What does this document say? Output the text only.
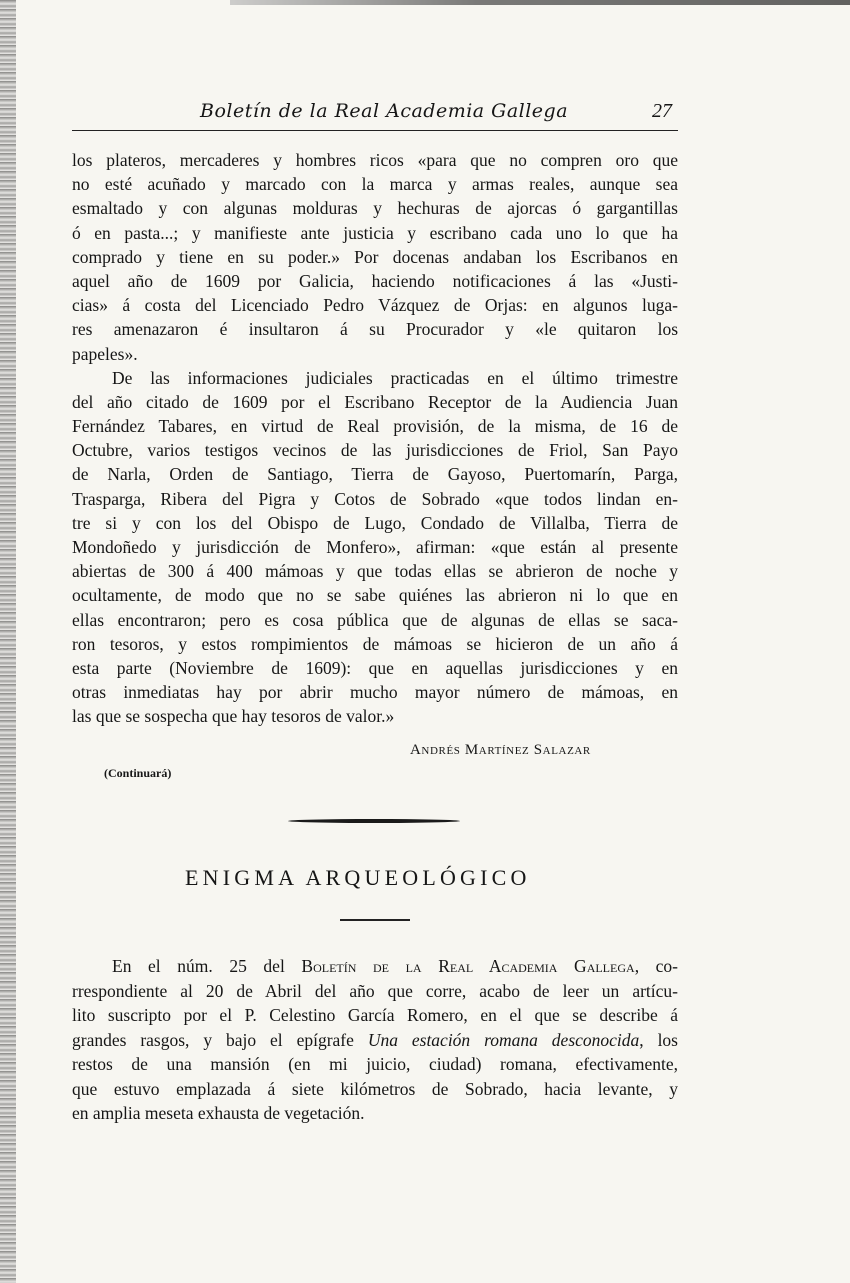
Boletín de la Real Academia Gallega	27
los plateros, mercaderes y hombres ricos «para que no compren oro que
no esté acuñado y marcado con la marca y armas reales, aunque sea
esmaltado y con algunas molduras y hechuras de ajorcas ó gargantillas
ó en pasta...; y manifieste ante justicia y escribano cada uno lo que ha
comprado y tiene en su poder.» Por docenas andaban los Escribanos en
aquel año de 1609 por Galicia, haciendo notificaciones á las «Justi-
cias» á costa del Licenciado Pedro Vázquez de Orjas: en algunos luga-
res amenazaron é insultaron á su Procurador y «le quitaron los
papeles».
De las informaciones judiciales practicadas en el último trimestre
del año citado de 1609 por el Escribano Receptor de la Audiencia Juan
Fernández Tabares, en virtud de Real provisión, de la misma, de 16 de
Octubre, varios testigos vecinos de las jurisdicciones de Friol, San Payo
de Narla, Orden de Santiago, Tierra de Gayoso, Puertomarín, Parga,
Trasparga, Ribera del Pigra y Cotos de Sobrado «que todos lindan en-
tre si y con los del Obispo de Lugo, Condado de Villalba, Tierra de
Mondoñedo y jurisdicción de Monfero», afirman: «que están al presente
abiertas de 300 á 400 mámoas y que todas ellas se abrieron de noche y
ocultamente, de modo que no se sabe quiénes las abrieron ni lo que en
ellas encontraron; pero es cosa pública que de algunas de ellas se saca-
ron tesoros, y estos rompimientos de mámoas se hicieron de un año á
esta parte (Noviembre de 1609): que en aquellas jurisdicciones y en
otras inmediatas hay por abrir mucho mayor número de mámoas, en
las que se sospecha que hay tesoros de valor.»
Andrés Martínez Salazar
(Continuará)
ENIGMA ARQUEOLÓGICO
En el núm. 25 del Boletín de la Real Academia Gallega, co-
rrespondiente al 20 de Abril del año que corre, acabo de leer un artícu-
lito suscripto por el P. Celestino García Romero, en el que se describe á
grandes rasgos, y bajo el epígrafe Una estación romana desconocida, los
restos de una mansión (en mi juicio, ciudad) romana, efectivamente,
que estuvo emplazada á siete kilómetros de Sobrado, hacia levante, y
en amplia meseta exhausta de vegetación.
